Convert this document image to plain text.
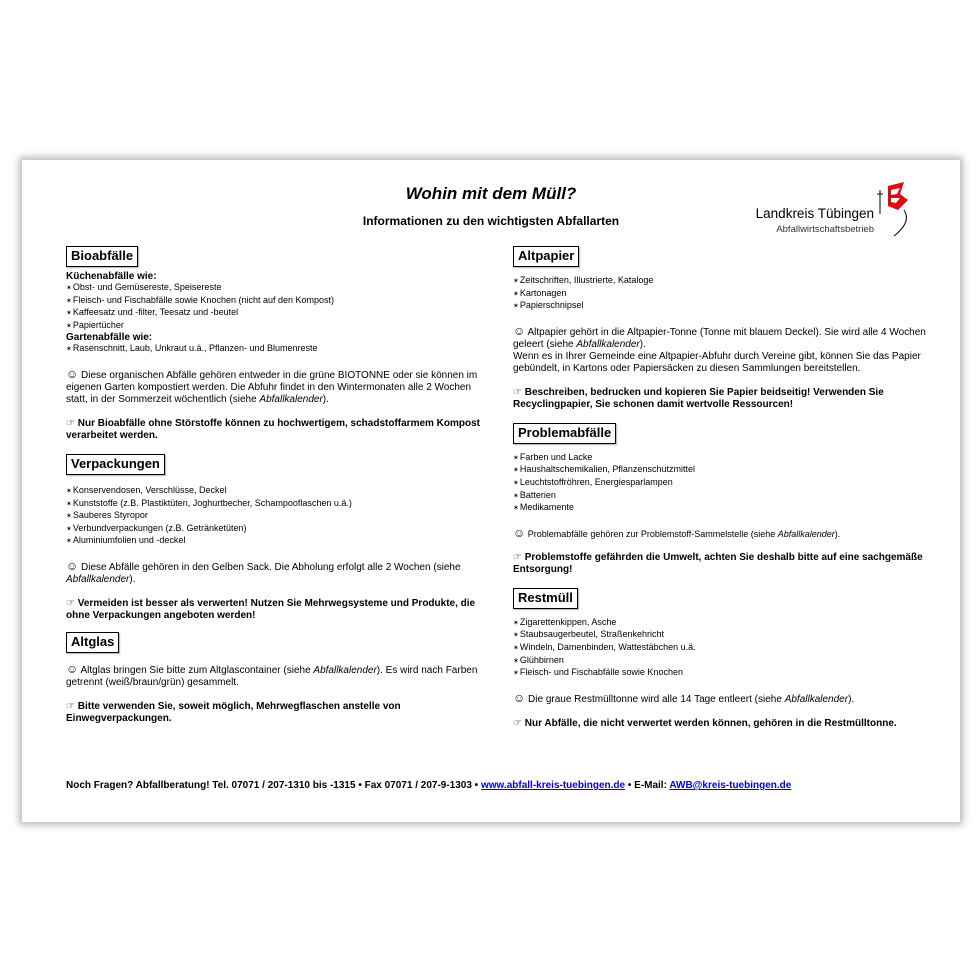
Wohin mit dem Müll?
Informationen zu den wichtigsten Abfallarten	Landkreis Tübingen
Abfallwirtschaftsbetrieb
Bioabfälle
Küchenabfälle wie:
✶ Obst- und Gemüsereste, Speisereste
✶ Fleisch- und Fischabfälle sowie Knochen (nicht auf den Kompost)
✶ Kaffeesatz und -filter, Teesatz und -beutel
✶ Papiertücher
Gartenabfälle wie:
✶ Rasenschnitt, Laub, Unkraut u.ä., Pflanzen- und Blumenreste

☺ Diese organischen Abfälle gehören entweder in die grüne BIOTONNE oder sie können im eigenen Garten kompostiert werden. Die Abfuhr findet in den Wintermonaten alle 2 Wochen statt, in der Sommerzeit wöchentlich (siehe Abfallkalender).

☞ Nur Bioabfälle ohne Störstoffe können zu hochwertigem, schadstoffarmem Kompost verarbeitet werden.

Verpackungen
✶ Konservendosen, Verschlüsse, Deckel
✶ Kunststoffe (z.B. Plastiktüten, Joghurtbecher, Schampooflaschen u.ä.)
✶ Sauberes Styropor
✶ Verbundverpackungen (z.B. Getränketüten)
✶ Aluminiumfolien und -deckel

☺ Diese Abfälle gehören in den Gelben Sack. Die Abholung erfolgt alle 2 Wochen (siehe Abfallkalender).

☞ Vermeiden ist besser als verwerten! Nutzen Sie Mehrwegsysteme und Produkte, die ohne Verpackungen angeboten werden!

Altglas

☺ Altglas bringen Sie bitte zum Altglascontainer (siehe Abfallkalender). Es wird nach Farben getrennt (weiß/braun/grün) gesammelt.

☞ Bitte verwenden Sie, soweit möglich, Mehrwegflaschen anstelle von Einwegverpackungen.

Altpapier
✶ Zeitschriften, Illustrierte, Kataloge
✶ Kartonagen
✶ Papierschnipsel

☺ Altpapier gehört in die Altpapier-Tonne (Tonne mit blauem Deckel). Sie wird alle 4 Wochen geleert (siehe Abfallkalender).
Wenn es in Ihrer Gemeinde eine Altpapier-Abfuhr durch Vereine gibt, können Sie das Papier gebündelt, in Kartons oder Papiersäcken zu diesen Sammlungen bereitstellen.

☞ Beschreiben, bedrucken und kopieren Sie Papier beidseitig! Verwenden Sie Recyclingpapier, Sie schonen damit wertvolle Ressourcen!

Problemabfälle
✶ Farben und Lacke
✶ Haushaltschemikalien, Pflanzenschutzmittel
✶ Leuchtstoffröhren, Energiesparlampen
✶ Batterien
✶ Medikamente

☺ Problemabfälle gehören zur Problemstoff-Sammelstelle (siehe Abfallkalender).

☞ Problemstoffe gefährden die Umwelt, achten Sie deshalb bitte auf eine sachgemäße Entsorgung!

Restmüll
✶ Zigarettenkippen, Asche
✶ Staubsaugerbeutel, Straßenkehricht
✶ Windeln, Damenbinden, Wattestäbchen u.ä.
✶ Glühbirnen
✶ Fleisch- und Fischabfälle sowie Knochen

☺ Die graue Restmülltonne wird alle 14 Tage entleert (siehe Abfallkalender).

☞ Nur Abfälle, die nicht verwertet werden können, gehören in die Restmülltonne.

Noch Fragen? Abfallberatung! Tel. 07071 / 207-1310 bis -1315 • Fax 07071 / 207-9-1303 • www.abfall-kreis-tuebingen.de • E-Mail: AWB@kreis-tuebingen.de
